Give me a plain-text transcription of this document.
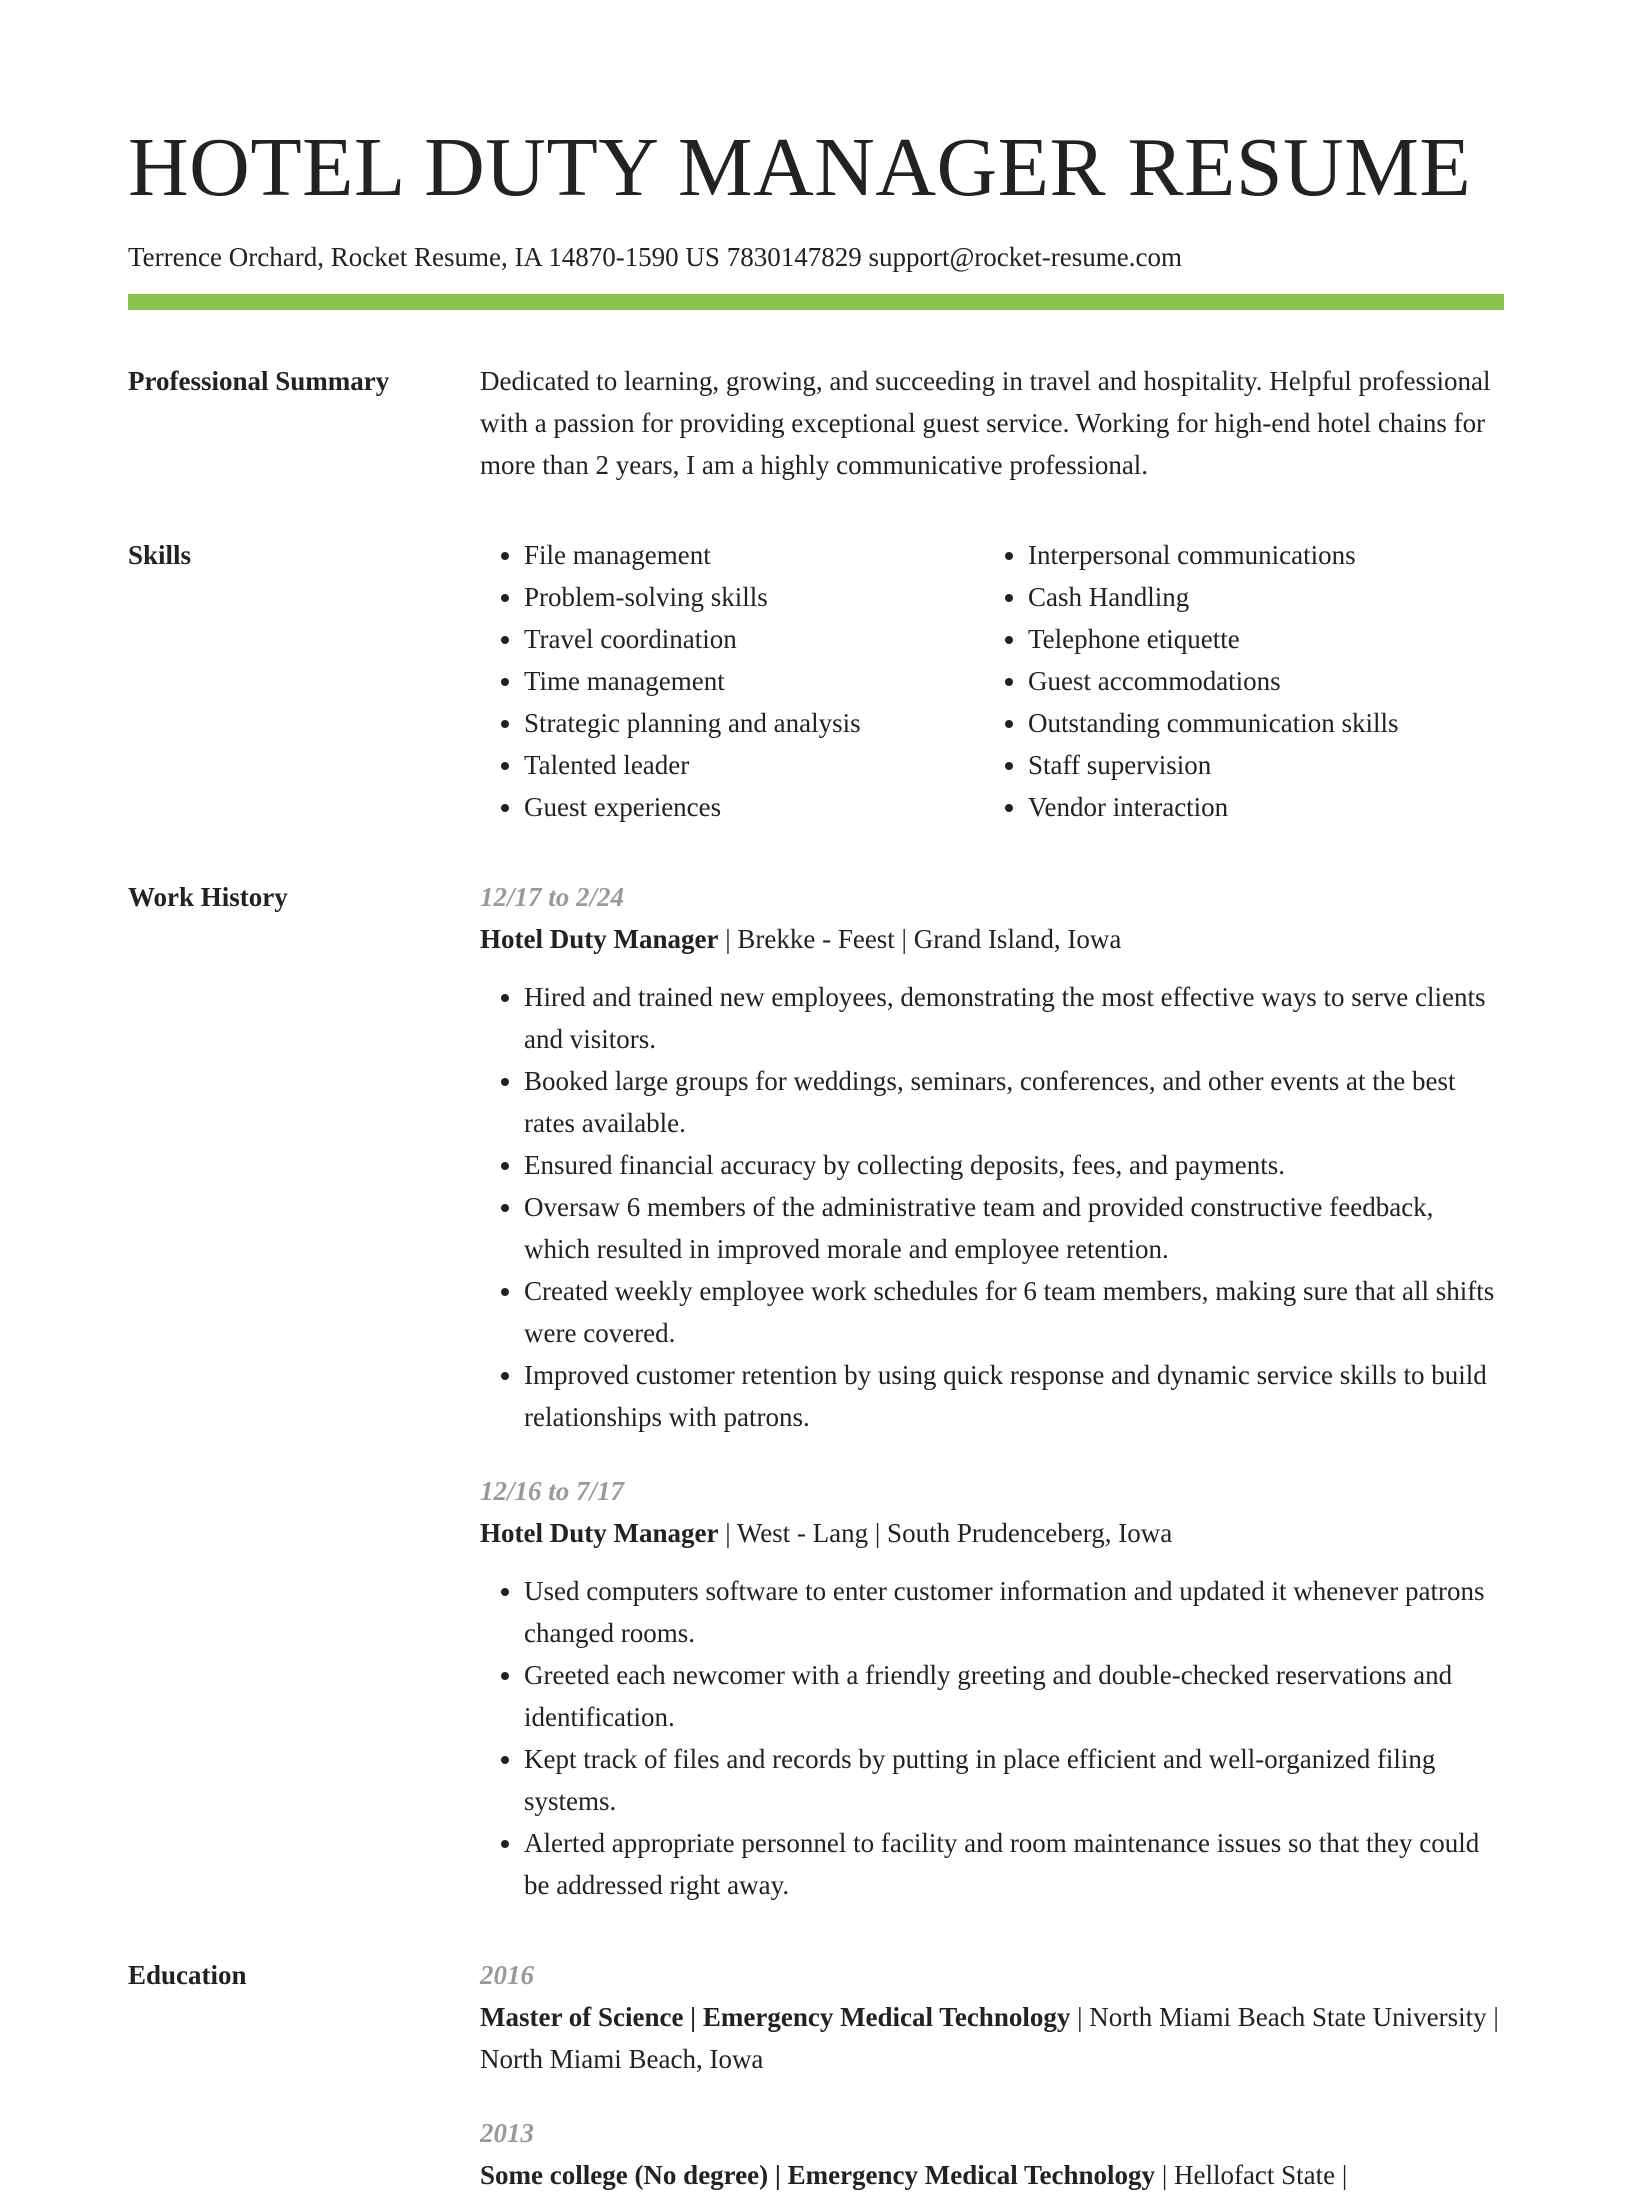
HOTEL DUTY MANAGER RESUME
Terrence Orchard, Rocket Resume, IA 14870-1590 US 7830147829 support@rocket-resume.com
Professional Summary	Dedicated to learning, growing, and succeeding in travel and hospitality. Helpful professional with a passion for providing exceptional guest service. Working for high-end hotel chains for more than 2 years, I am a highly communicative professional.

Skills
•	File management
• Problem-solving skills
• Travel coordination
• Time management
• Strategic planning and analysis
• Talented leader
• Guest experiences
• Interpersonal communications
• Cash Handling
• Telephone etiquette
• Guest accommodations
• Outstanding communication skills
• Staff supervision
• Vendor interaction
Work History	12/17 to 2/24
Hotel Duty Manager | Brekke - Feest | Grand Island, Iowa
• Hired and trained new employees, demonstrating the most effective ways to serve clients and visitors.
• Booked large groups for weddings, seminars, conferences, and other events at the best rates available.
• Ensured financial accuracy by collecting deposits, fees, and payments.
• Oversaw 6 members of the administrative team and provided constructive feedback, which resulted in improved morale and employee retention.
• Created weekly employee work schedules for 6 team members, making sure that all shifts were covered.
• Improved customer retention by using quick response and dynamic service skills to build relationships with patrons.
12/16 to 7/17
Hotel Duty Manager | West - Lang | South Prudenceberg, Iowa
• Used computers software to enter customer information and updated it whenever patrons changed rooms.
• Greeted each newcomer with a friendly greeting and double-checked reservations and identification.
• Kept track of files and records by putting in place efficient and well-organized filing systems.
• Alerted appropriate personnel to facility and room maintenance issues so that they could be addressed right away.
Education	2016
Master of Science | Emergency Medical Technology | North Miami Beach State University | North Miami Beach, Iowa
2013
Some college (No degree) | Emergency Medical Technology | Hellofact State |
